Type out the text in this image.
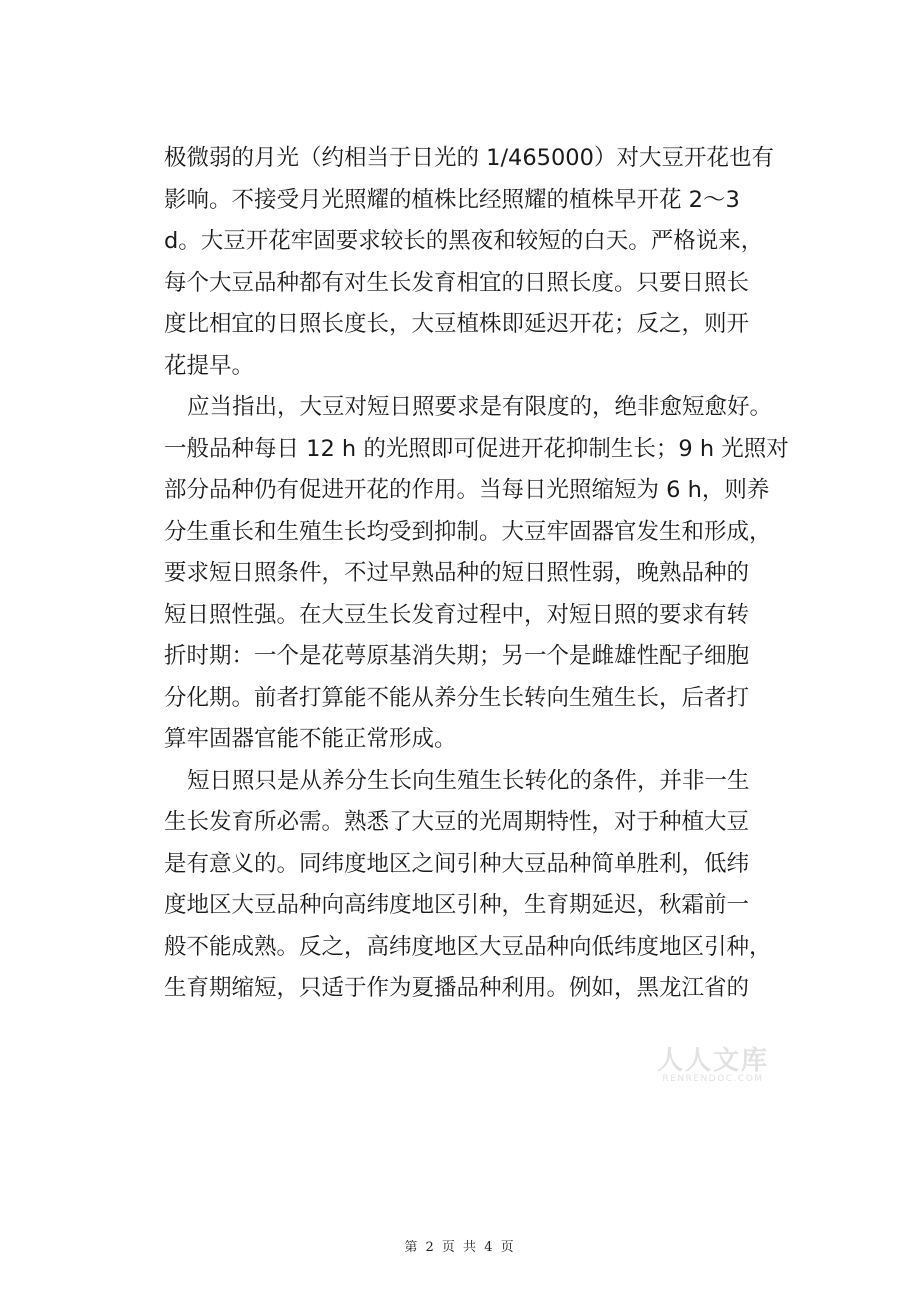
极微弱的月光（约相当于日光的 1/465000）对大豆开花也有
影响。不接受月光照耀的植株比经照耀的植株早开花 2～3
d。大豆开花牢固要求较长的黑夜和较短的白天。严格说来，
每个大豆品种都有对生长发育相宜的日照长度。只要日照长
度比相宜的日照长度长，大豆植株即延迟开花；反之，则开
花提早。
应当指出，大豆对短日照要求是有限度的，绝非愈短愈好。
一般品种每日 12 h 的光照即可促进开花抑制生长；9 h 光照对
部分品种仍有促进开花的作用。当每日光照缩短为 6 h，则养
分生重长和生殖生长均受到抑制。大豆牢固器官发生和形成，
要求短日照条件，不过早熟品种的短日照性弱，晚熟品种的
短日照性强。在大豆生长发育过程中，对短日照的要求有转
折时期：一个是花萼原基消失期；另一个是雌雄性配子细胞
分化期。前者打算能不能从养分生长转向生殖生长，后者打
算牢固器官能不能正常形成。
短日照只是从养分生长向生殖生长转化的条件，并非一生
生长发育所必需。熟悉了大豆的光周期特性，对于种植大豆
是有意义的。同纬度地区之间引种大豆品种简单胜利，低纬
度地区大豆品种向高纬度地区引种，生育期延迟，秋霜前一
般不能成熟。反之，高纬度地区大豆品种向低纬度地区引种，
生育期缩短，只适于作为夏播品种利用。例如，黑龙江省的
人人文库
RENRENDOC.COM
第 2 页 共 4 页
